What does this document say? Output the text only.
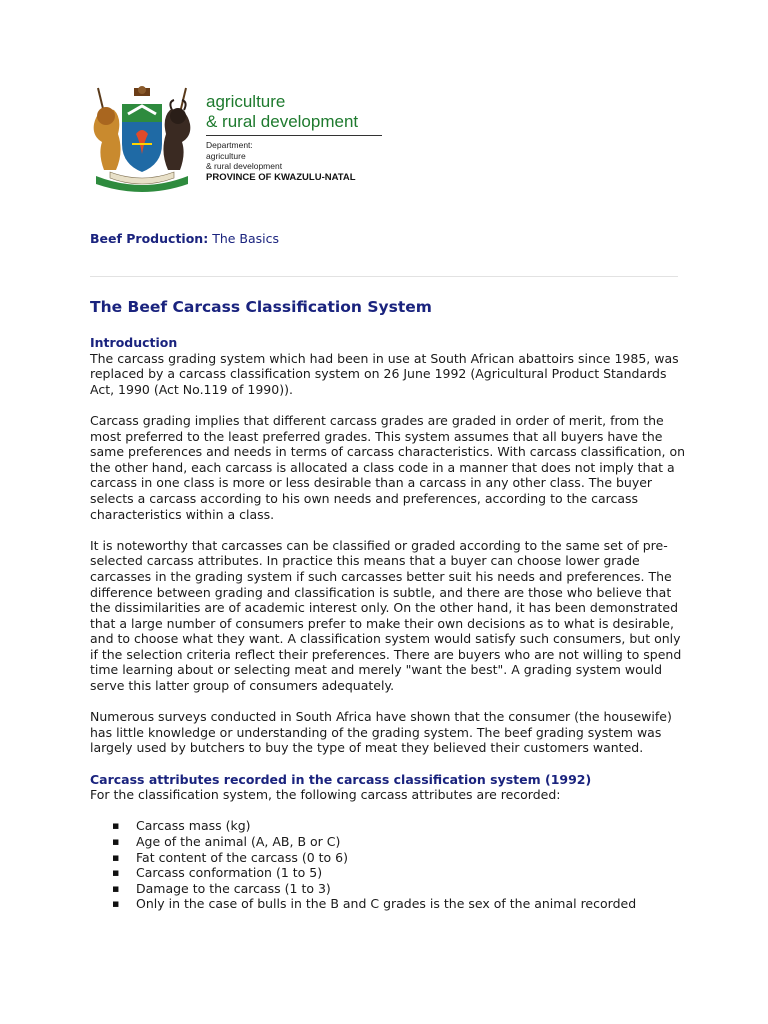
agriculture
& rural development
Department:
agriculture
& rural development
PROVINCE OF KWAZULU-NATAL
Beef Production: The Basics
The Beef Carcass Classification System
Introduction

The carcass grading system which had been in use at South African abattoirs since 1985, was replaced by a carcass classification system on 26 June 1992 (Agricultural Product Standards Act, 1990 (Act No.119 of 1990)).

Carcass grading implies that different carcass grades are graded in order of merit, from the most preferred to the least preferred grades. This system assumes that all buyers have the same preferences and needs in terms of carcass characteristics. With carcass classification, on the other hand, each carcass is allocated a class code in a manner that does not imply that a carcass in one class is more or less desirable than a carcass in any other class. The buyer selects a carcass according to his own needs and preferences, according to the carcass characteristics within a class.

It is noteworthy that carcasses can be classified or graded according to the same set of pre-selected carcass attributes. In practice this means that a buyer can choose lower grade carcasses in the grading system if such carcasses better suit his needs and preferences. The difference between grading and classification is subtle, and there are those who believe that the dissimilarities are of academic interest only. On the other hand, it has been demonstrated that a large number of consumers prefer to make their own decisions as to what is desirable, and to choose what they want. A classification system would satisfy such consumers, but only if the selection criteria reflect their preferences. There are buyers who are not willing to spend time learning about or selecting meat and merely "want the best". A grading system would serve this latter group of consumers adequately.

Numerous surveys conducted in South Africa have shown that the consumer (the housewife) has little knowledge or understanding of the grading system. The beef grading system was largely used by butchers to buy the type of meat they believed their customers wanted.

Carcass attributes recorded in the carcass classification system (1992)

For the classification system, the following carcass attributes are recorded:

▪ Carcass mass (kg)
▪ Age of the animal (A, AB, B or C)
▪ Fat content of the carcass (0 to 6)
▪ Carcass conformation (1 to 5)
▪ Damage to the carcass (1 to 3)
▪ Only in the case of bulls in the B and C grades is the sex of the animal recorded
